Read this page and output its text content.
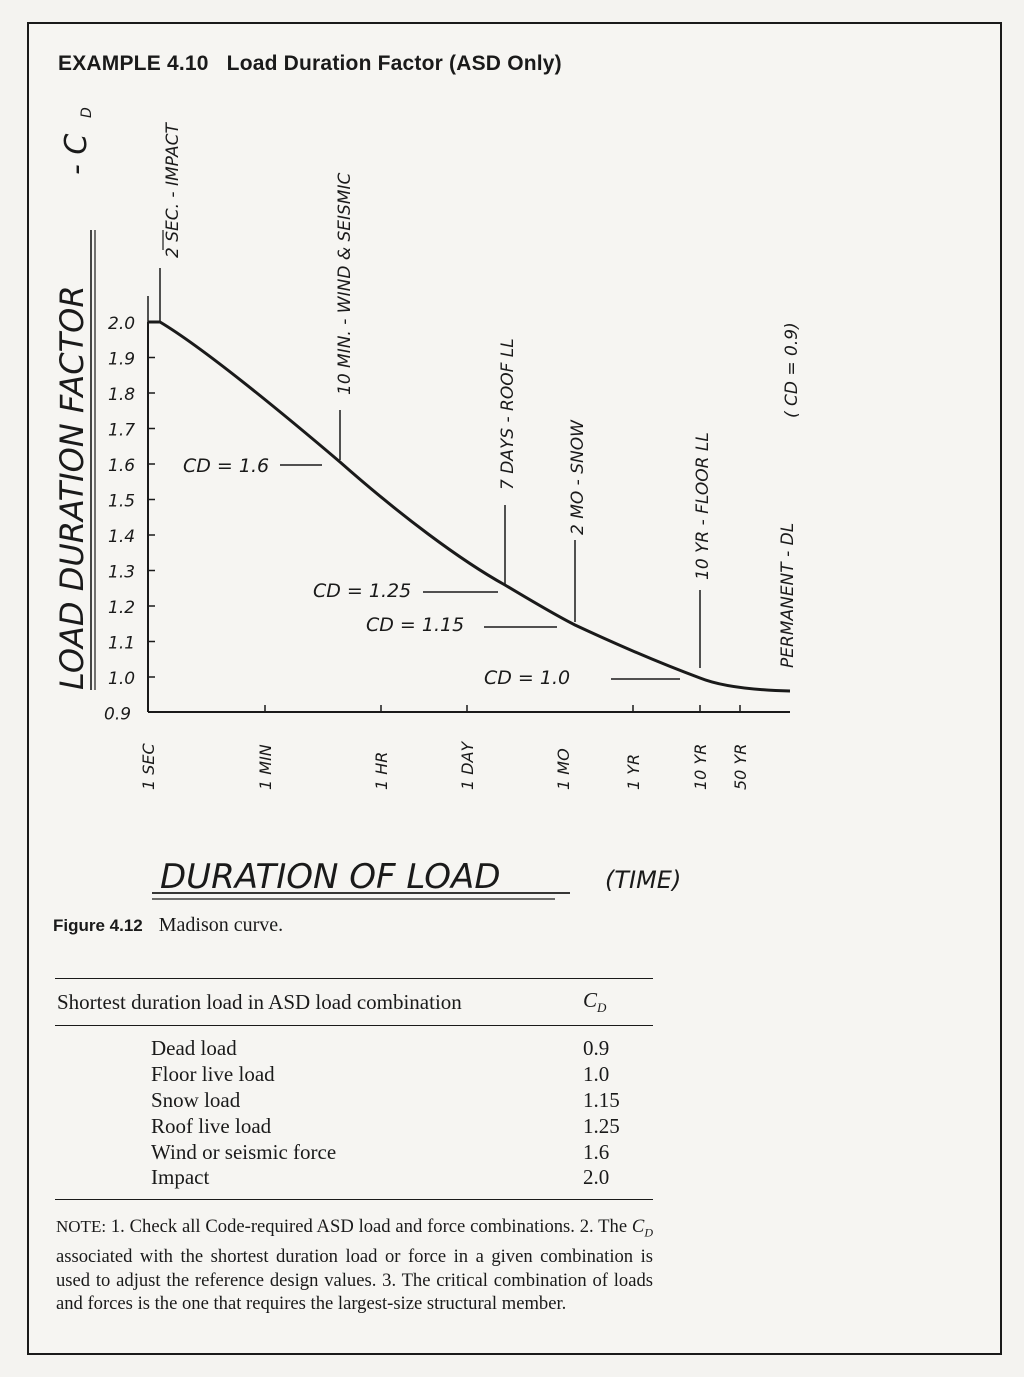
EXAMPLE 4.10 Load Duration Factor (ASD Only)
LOAD DURATION FACTOR
- C
D
2.0
1.9
1.8
1.7
1.6
1.5
1.4
1.3
1.2
1.1
1.0
0.9
1 SEC	1 MIN	1 HR	1 DAY	1 MO	1 YR	10 YR 50 YR
2 SEC. - IMPACT	10 MIN. - WIND & SEISMIC
7 DAYS - ROOF LL	2 MO - SNOW	10 YR - FLOOR LL
PERMANENT - DL
( CD = 0.9)
CD = 1.6
CD = 1.25
CD = 1.15
CD = 1.0
DURATION OF LOAD	(TIME)
Figure 4.12 Madison curve.
Shortest duration load in ASD load combination	$C_D$
Dead load	0.9
Floor live load	1.0
Snow load	1.15
Roof live load	1.25
Wind or seismic force	1.6
Impact	2.0
NOTE: 1. Check all Code-required ASD load and force combinations. 2. The $C_D$ associated with the shortest duration load or force in a given combination is used to adjust the reference design values. 3. The critical combination of loads and forces is the one that requires the largest-size structural member.
